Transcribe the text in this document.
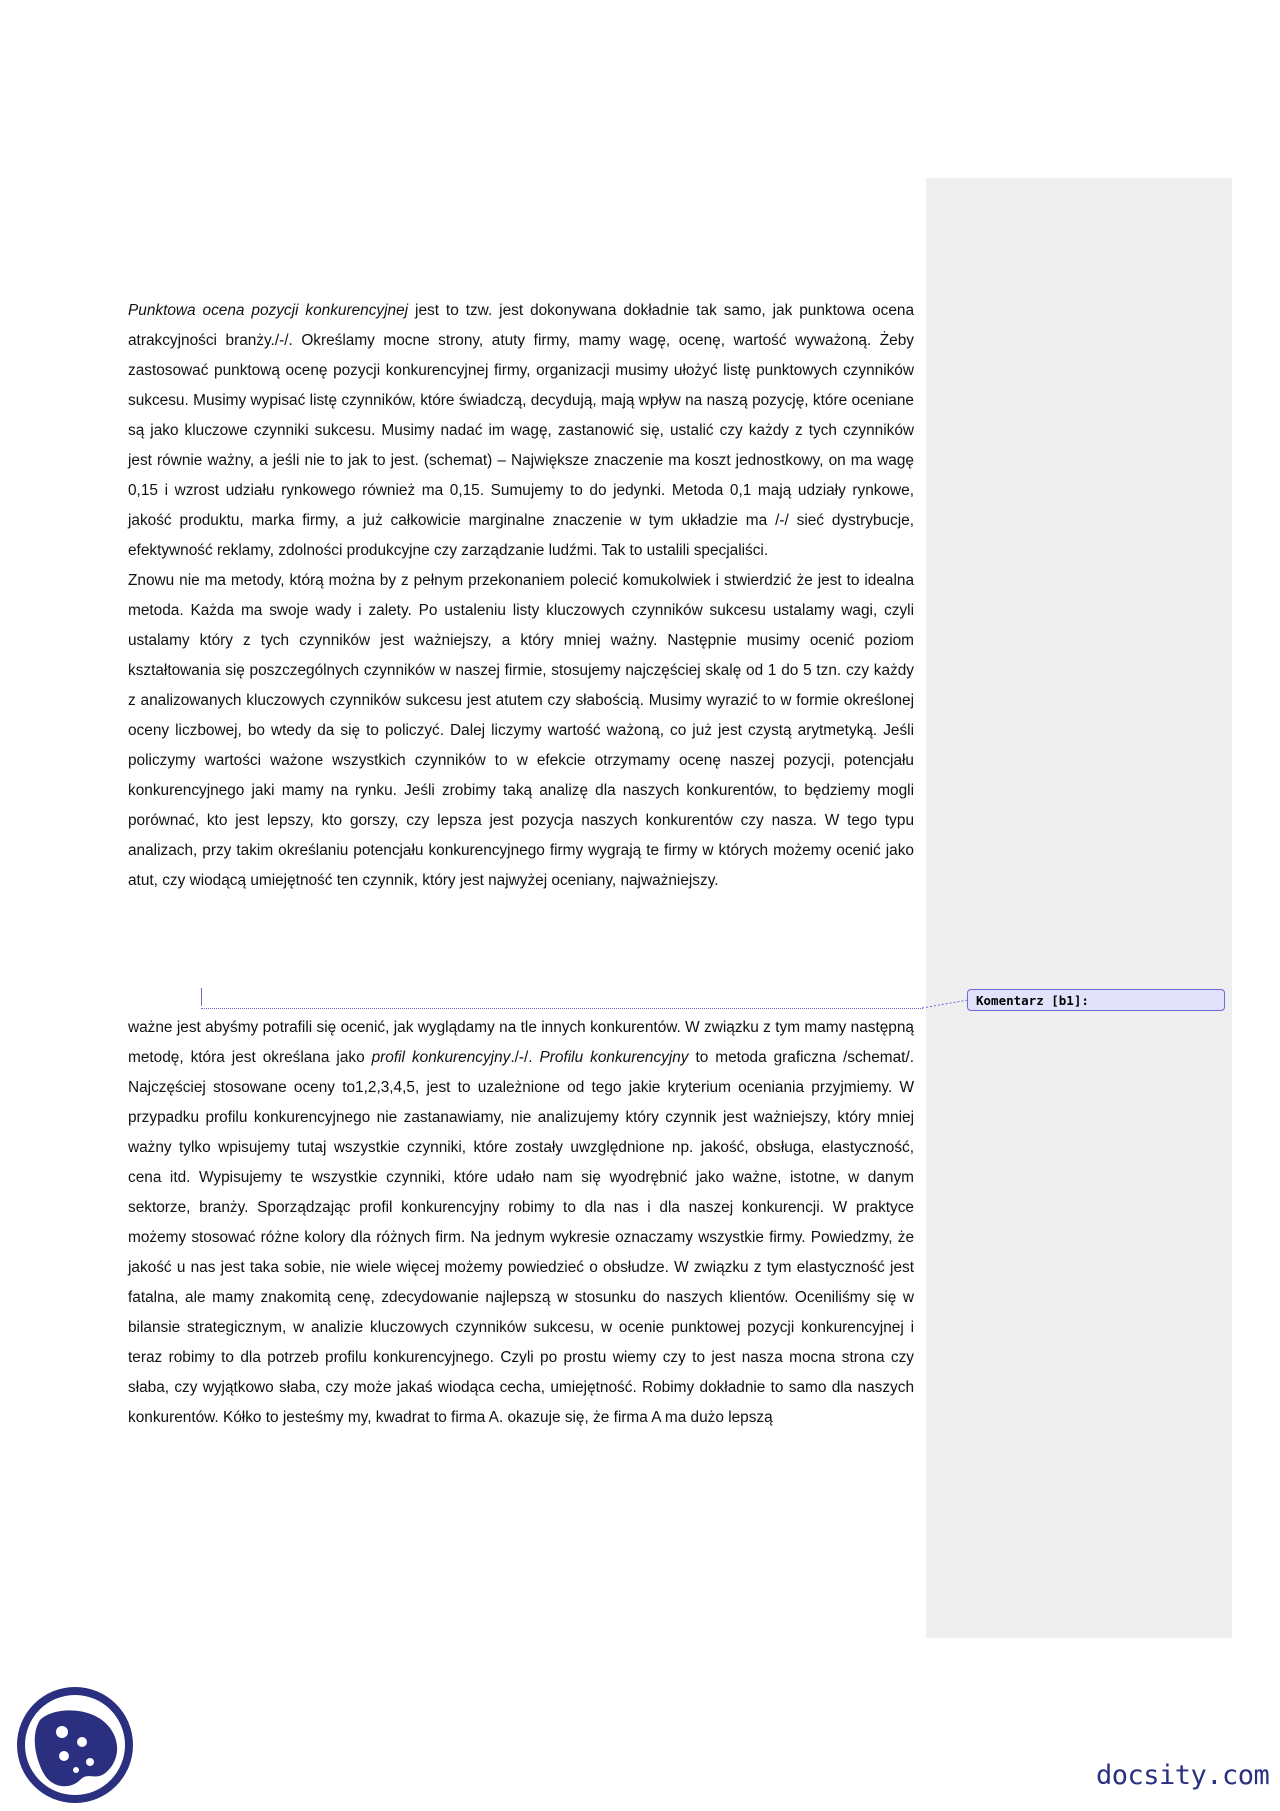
Punktowa ocena pozycji konkurencyjnej jest to tzw. jest dokonywana dokładnie tak samo, jak punktowa ocena atrakcyjności branży./-/. Określamy mocne strony, atuty firmy, mamy wagę, ocenę, wartość wyważoną. Żeby zastosować punktową ocenę pozycji konkurencyjnej firmy, organizacji musimy ułożyć listę punktowych czynników sukcesu. Musimy wypisać listę czynników, które świadczą, decydują, mają wpływ na naszą pozycję, które oceniane są jako kluczowe czynniki sukcesu. Musimy nadać im wagę, zastanowić się, ustalić czy każdy z tych czynników jest równie ważny, a jeśli nie to jak to jest. (schemat) – Największe znaczenie ma koszt jednostkowy, on ma wagę 0,15 i wzrost udziału rynkowego również ma 0,15. Sumujemy to do jedynki. Metoda 0,1 mają udziały rynkowe, jakość produktu, marka firmy, a już całkowicie marginalne znaczenie w tym układzie ma /-/ sieć dystrybucje, efektywność reklamy, zdolności produkcyjne czy zarządzanie ludźmi. Tak to ustalili specjaliści.

Znowu nie ma metody, którą można by z pełnym przekonaniem polecić komukolwiek i stwierdzić że jest to idealna metoda. Każda ma swoje wady i zalety. Po ustaleniu listy kluczowych czynników sukcesu ustalamy wagi, czyli ustalamy który z tych czynników jest ważniejszy, a który mniej ważny. Następnie musimy ocenić poziom kształtowania się poszczególnych czynników w naszej firmie, stosujemy najczęściej skalę od 1 do 5 tzn. czy każdy z analizowanych kluczowych czynników sukcesu jest atutem czy słabością. Musimy wyrazić to w formie określonej oceny liczbowej, bo wtedy da się to policzyć. Dalej liczymy wartość ważoną, co już jest czystą arytmetyką. Jeśli policzymy wartości ważone wszystkich czynników to w efekcie otrzymamy ocenę naszej pozycji, potencjału konkurencyjnego jaki mamy na rynku. Jeśli zrobimy taką analizę dla naszych konkurentów, to będziemy mogli porównać, kto jest lepszy, kto gorszy, czy lepsza jest pozycja naszych konkurentów czy nasza. W tego typu analizach, przy takim określaniu potencjału konkurencyjnego firmy wygrają te firmy w których możemy ocenić jako atut, czy wiodącą umiejętność ten czynnik, który jest najwyżej oceniany, najważniejszy.

Komentarz [b1]:

ważne jest abyśmy potrafili się ocenić, jak wyglądamy na tle innych konkurentów. W związku z tym mamy następną metodę, która jest określana jako profil konkurencyjny./-/. Profilu konkurencyjny to metoda graficzna /schemat/. Najczęściej stosowane oceny to1,2,3,4,5, jest to uzależnione od tego jakie kryterium oceniania przyjmiemy. W przypadku profilu konkurencyjnego nie zastanawiamy, nie analizujemy który czynnik jest ważniejszy, który mniej ważny tylko wpisujemy tutaj wszystkie czynniki, które zostały uwzględnione np. jakość, obsługa, elastyczność, cena itd. Wypisujemy te wszystkie czynniki, które udało nam się wyodrębnić jako ważne, istotne, w danym sektorze, branży. Sporządzając profil konkurencyjny robimy to dla nas i dla naszej konkurencji. W praktyce możemy stosować różne kolory dla różnych firm. Na jednym wykresie oznaczamy wszystkie firmy. Powiedzmy, że jakość u nas jest taka sobie, nie wiele więcej możemy powiedzieć o obsłudze. W związku z tym elastyczność jest fatalna, ale mamy znakomitą cenę, zdecydowanie najlepszą w stosunku do naszych klientów. Oceniliśmy się w bilansie strategicznym, w analizie kluczowych czynników sukcesu, w ocenie punktowej pozycji konkurencyjnej i teraz robimy to dla potrzeb profilu konkurencyjnego. Czyli po prostu wiemy czy to jest nasza mocna strona czy słaba, czy wyjątkowo słaba, czy może jakaś wiodąca cecha, umiejętność. Robimy dokładnie to samo dla naszych konkurentów. Kółko to jesteśmy my, kwadrat to firma A. okazuje się, że firma A ma dużo lepszą

docsity.com
